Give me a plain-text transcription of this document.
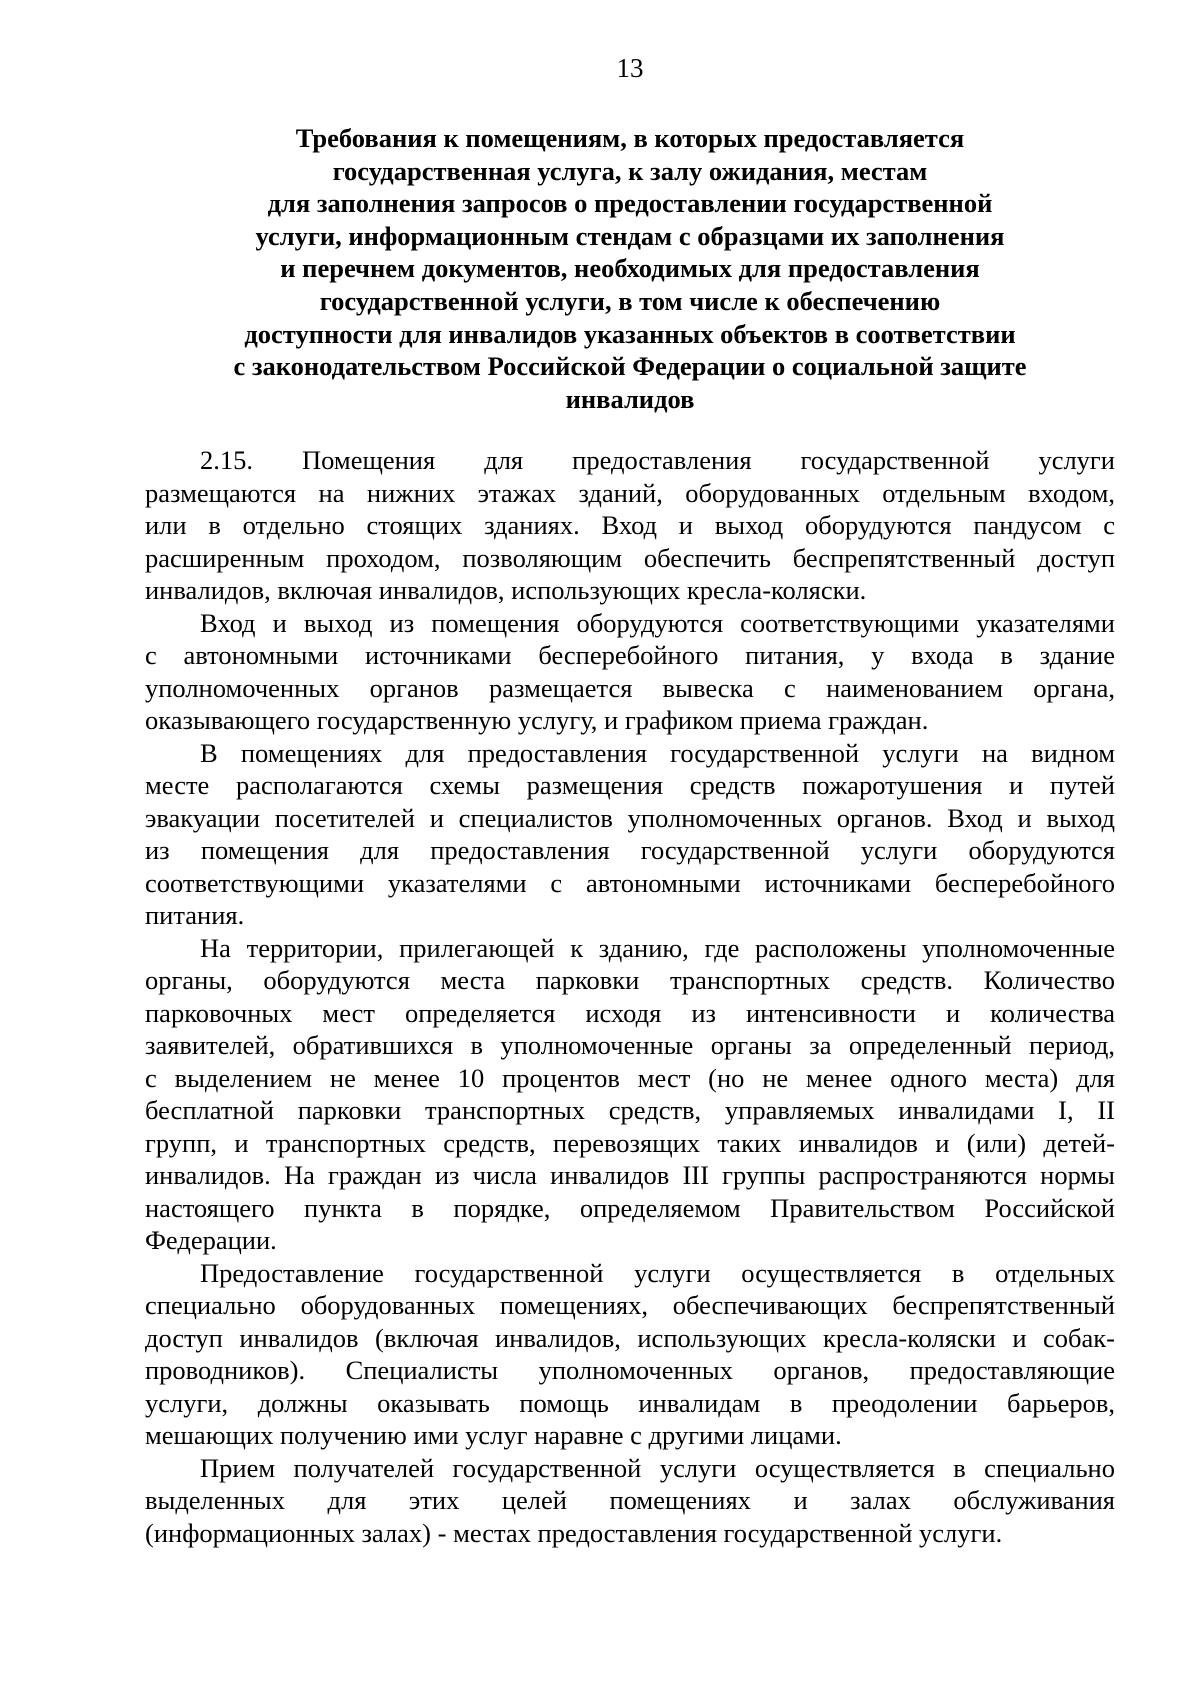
13
Требования к помещениям, в которых предоставляется
государственная услуга, к залу ожидания, местам
для заполнения запросов о предоставлении государственной
услуги, информационным стендам с образцами их заполнения
и перечнем документов, необходимых для предоставления
государственной услуги, в том числе к обеспечению
доступности для инвалидов указанных объектов в соответствии
с законодательством Российской Федерации о социальной защите
инвалидов
2.15. Помещения для предоставления государственной услуги
размещаются на нижних этажах зданий, оборудованных отдельным входом,
или в отдельно стоящих зданиях. Вход и выход оборудуются пандусом с
расширенным проходом, позволяющим обеспечить беспрепятственный доступ
инвалидов, включая инвалидов, использующих кресла-коляски.
Вход и выход из помещения оборудуются соответствующими указателями
с автономными источниками бесперебойного питания, у входа в здание
уполномоченных органов размещается вывеска с наименованием органа,
оказывающего государственную услугу, и графиком приема граждан.
В помещениях для предоставления государственной услуги на видном
месте располагаются схемы размещения средств пожаротушения и путей
эвакуации посетителей и специалистов уполномоченных органов. Вход и выход
из помещения для предоставления государственной услуги оборудуются
соответствующими указателями с автономными источниками бесперебойного
питания.
На территории, прилегающей к зданию, где расположены уполномоченные
органы, оборудуются места парковки транспортных средств. Количество
парковочных мест определяется исходя из интенсивности и количества
заявителей, обратившихся в уполномоченные органы за определенный период,
с выделением не менее 10 процентов мест (но не менее одного места) для
бесплатной парковки транспортных средств, управляемых инвалидами I, II
групп, и транспортных средств, перевозящих таких инвалидов и (или) детей-
инвалидов. На граждан из числа инвалидов III группы распространяются нормы
настоящего пункта в порядке, определяемом Правительством Российской
Федерации.
Предоставление государственной услуги осуществляется в отдельных
специально оборудованных помещениях, обеспечивающих беспрепятственный
доступ инвалидов (включая инвалидов, использующих кресла-коляски и собак-
проводников). Специалисты уполномоченных органов, предоставляющие
услуги, должны оказывать помощь инвалидам в преодолении барьеров,
мешающих получению ими услуг наравне с другими лицами.
Прием получателей государственной услуги осуществляется в специально
выделенных для этих целей помещениях и залах обслуживания
(информационных залах) - местах предоставления государственной услуги.
